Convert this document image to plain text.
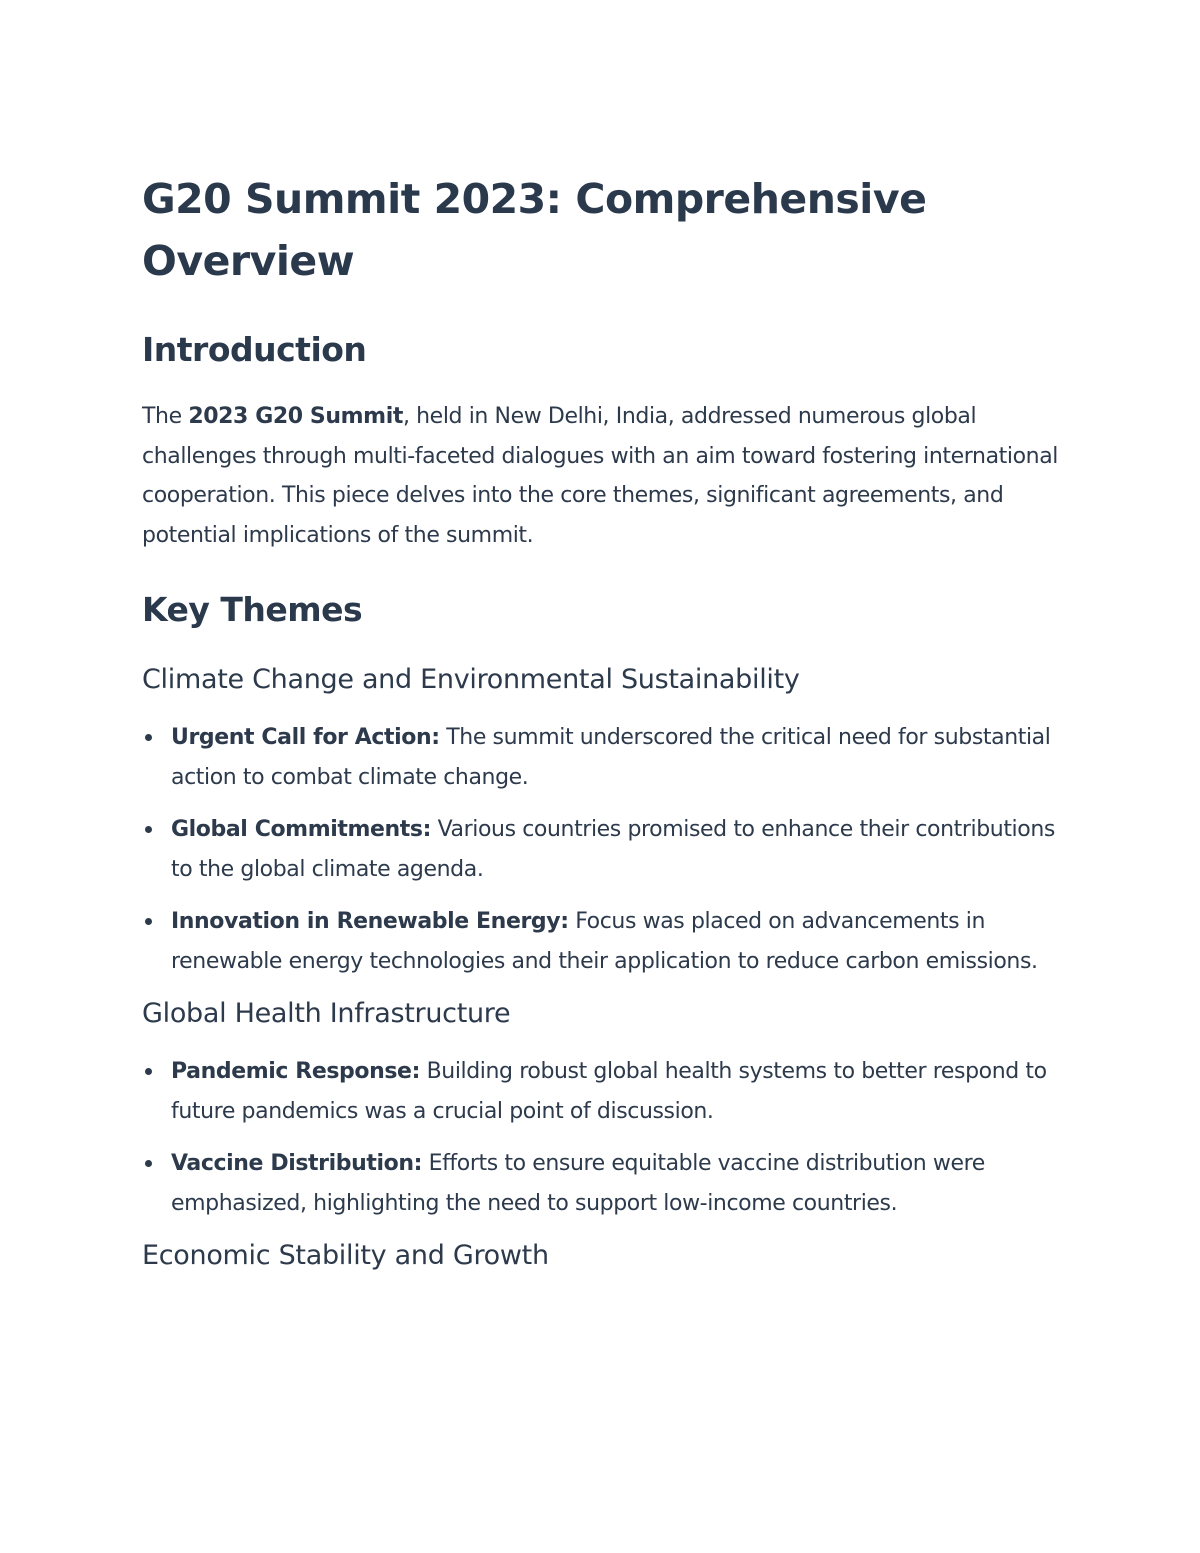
G20 Summit 2023: Comprehensive Overview
Introduction

The 2023 G20 Summit, held in New Delhi, India, addressed numerous global challenges through multi-faceted dialogues with an aim toward fostering international cooperation. This piece delves into the core themes, significant agreements, and potential implications of the summit.

Key Themes
Climate Change and Environmental Sustainability
Urgent Call for Action: The summit underscored the critical need for substantial action to combat climate change.
Global Commitments: Various countries promised to enhance their contributions to the global climate agenda.
Innovation in Renewable Energy: Focus was placed on advancements in renewable energy technologies and their application to reduce carbon emissions.
Global Health Infrastructure
Pandemic Response: Building robust global health systems to better respond to future pandemics was a crucial point of discussion.
Vaccine Distribution: Efforts to ensure equitable vaccine distribution were emphasized, highlighting the need to support low-income countries.
Economic Stability and Growth
